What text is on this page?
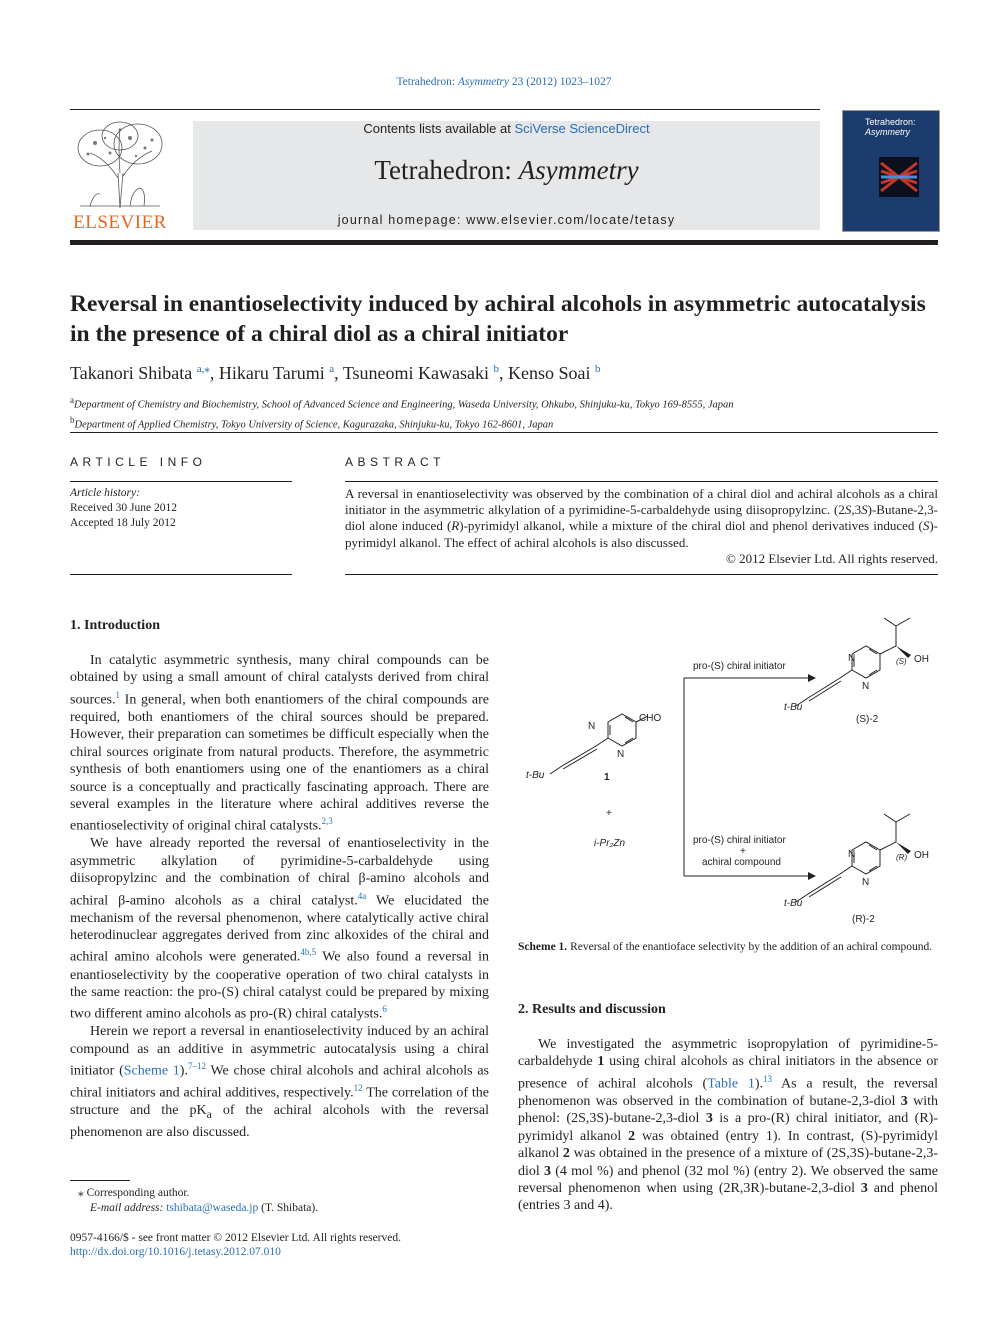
Tetrahedron: Asymmetry 23 (2012) 1023–1027
ELSEVIER
Contents lists available at SciVerse ScienceDirect
Tetrahedron: Asymmetry
journal homepage: www.elsevier.com/locate/tetasy
Tetrahedron:
Asymmetry
Reversal in enantioselectivity induced by achiral alcohols in asymmetric autocatalysis in the presence of a chiral diol as a chiral initiator
Takanori Shibata $^{a,⁎}$, Hikaru Tarumi $^a$, Tsuneomi Kawasaki $^b$, Kenso Soai $^b$
$^a$Department of Chemistry and Biochemistry, School of Advanced Science and Engineering, Waseda University, Ohkubo, Shinjuku-ku, Tokyo 169-8555, Japan
$^b$Department of Applied Chemistry, Tokyo University of Science, Kagurazaka, Shinjuku-ku, Tokyo 162-8601, Japan
ARTICLE INFO	ABSTRACT
Article history:
Received 30 June 2012
Accepted 18 July 2012
A reversal in enantioselectivity was observed by the combination of a chiral diol and achiral alcohols as a chiral initiator in the asymmetric alkylation of a pyrimidine-5-carbaldehyde using diisopropylzinc. (2S,3S)-Butane-2,3-diol alone induced (R)-pyrimidyl alkanol, while a mixture of the chiral diol and phenol derivatives induced (S)-pyrimidyl alkanol. The effect of achiral alcohols is also discussed.
© 2012 Elsevier Ltd. All rights reserved.
1. Introduction

In catalytic asymmetric synthesis, many chiral compounds can be obtained by using a small amount of chiral catalysts derived from chiral sources.$^1$ In general, when both enantiomers of the chiral compounds are required, both enantiomers of the chiral sources should be prepared. However, their preparation can sometimes be difficult especially when the chiral sources originate from natural products. Therefore, the asymmetric synthesis of both enantiomers using one of the enantiomers as a chiral source is a conceptually and practically fascinating approach. There are several examples in the literature where achiral additives reverse the enantioselectivity of original chiral catalysts.$^{2,3}$

We have already reported the reversal of enantioselectivity in the asymmetric alkylation of pyrimidine-5-carbaldehyde using diisopropylzinc and the combination of chiral β-amino alcohols and achiral β-amino alcohols as a chiral catalyst.$^{4a}$ We elucidated the mechanism of the reversal phenomenon, where catalytically active chiral heterodinuclear aggregates derived from zinc alkoxides of the chiral and achiral amino alcohols were generated.$^{4b,5}$ We also found a reversal in enantioselectivity by the cooperative operation of two chiral catalysts in the same reaction: the pro-(S) chiral catalyst could be prepared by mixing two different amino alcohols as pro-(R) chiral catalysts.$^6$

Herein we report a reversal in enantioselectivity induced by an achiral compound as an additive in asymmetric autocatalysis using a chiral initiator (Scheme 1).$^{7-12}$ We chose chiral alcohols and achiral alcohols as chiral initiators and achiral additives, respectively.$^{12}$ The correlation of the structure and the $pK_a$ of the achiral alcohols with the reversal phenomenon are also discussed.

pro-(S) chiral initiator
pro-(S) chiral initiator
+
achiral compound
CHO
N
N
t-Bu	1
+
i-Pr₂Zn
N
N
(S) OH
t-Bu
(S)-2
N
N
(R) OH
t-Bu
(R)-2
Scheme 1. Reversal of the enantioface selectivity by the addition of an achiral compound.
2. Results and discussion

We investigated the asymmetric isopropylation of pyrimidine-5-carbaldehyde 1 using chiral alcohols as chiral initiators in the absence or presence of achiral alcohols (Table 1).$^{13}$ As a result, the reversal phenomenon was observed in the combination of butane-2,3-diol 3 with phenol: (2S,3S)-butane-2,3-diol 3 is a pro-(R) chiral initiator, and (R)-pyrimidyl alkanol 2 was obtained (entry 1). In contrast, (S)-pyrimidyl alkanol 2 was obtained in the presence of a mixture of (2S,3S)-butane-2,3-diol 3 (4 mol %) and phenol (32 mol %) (entry 2). We observed the same reversal phenomenon when using (2R,3R)-butane-2,3-diol 3 and phenol (entries 3 and 4).

⁎ Corresponding author.
E-mail address: tshibata@waseda.jp (T. Shibata).
0957-4166/$ - see front matter © 2012 Elsevier Ltd. All rights reserved.
http://dx.doi.org/10.1016/j.tetasy.2012.07.010
